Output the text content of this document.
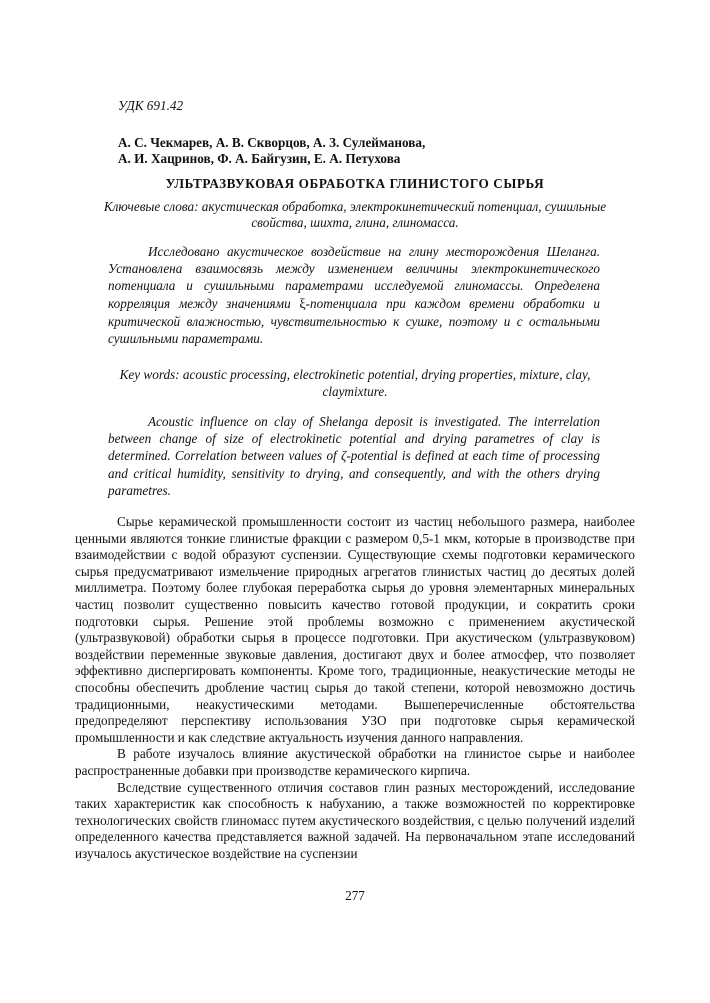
УДК 691.42
А. С. Чекмарев, А. В. Скворцов, А. З. Сулейманова,
А. И. Хацринов, Ф. А. Байгузин, Е. А. Петухова
УЛЬТРАЗВУКОВАЯ ОБРАБОТКА ГЛИНИСТОГО СЫРЬЯ
Ключевые слова: акустическая обработка, электрокинетический потенциал, сушильные
свойства, шихта, глина, глиномасса.
Исследовано акустическое воздействие на глину месторождения Шеланга. Установлена взаимосвязь между изменением величины электрокинетического потенциала и сушильными параметрами исследуемой глиномассы. Определена корреляция между значениями ξ-потенциала при каждом времени обработки и критической влажностью, чувствительностью к сушке, поэтому и с остальными сушильными параметрами.
Key words: acoustic processing, electrokinetic potential, drying properties, mixture, clay,
claymixture.
Acoustic influence on clay of Shelanga deposit is investigated. The interrelation between change of size of electrokinetic potential and drying parametres of clay is determined. Correlation between values of ζ-potential is defined at each time of processing and critical humidity, sensitivity to drying, and consequently, and with the others drying parametres.

Сырье керамической промышленности состоит из частиц небольшого размера, наиболее ценными являются тонкие глинистые фракции с размером 0,5-1 мкм, которые в производстве при взаимодействии с водой образуют суспензии. Существующие схемы подготовки керамического сырья предусматривают измельчение природных агрегатов глинистых частиц до десятых долей миллиметра. Поэтому более глубокая переработка сырья до уровня элементарных минеральных частиц позволит существенно повысить качество готовой продукции, и сократить сроки подготовки сырья. Решение этой проблемы возможно с применением акустической (ультразвуковой) обработки сырья в процессе подготовки. При акустическом (ультразвуковом) воздействии переменные звуковые давления, достигают двух и более атмосфер, что позволяет эффективно диспергировать компоненты. Кроме того, традиционные, неакустические методы не способны обеспечить дробление частиц сырья до такой степени, которой невозможно достичь традиционными, неакустическими методами. Вышеперечисленные обстоятельства предопределяют перспективу использования УЗО при подготовке сырья керамической промышленности и как следствие актуальность изучения данного направления.

В работе изучалось влияние акустической обработки на глинистое сырье и наиболее распространенные добавки при производстве керамического кирпича.

Вследствие существенного отличия составов глин разных месторождений, исследование таких характеристик как способность к набуханию, а также возможностей по корректировке технологических свойств глиномасс путем акустического воздействия, с целью получений изделий определенного качества представляется важной задачей. На первоначальном этапе исследований изучалось акустическое воздействие на суспензии

277
